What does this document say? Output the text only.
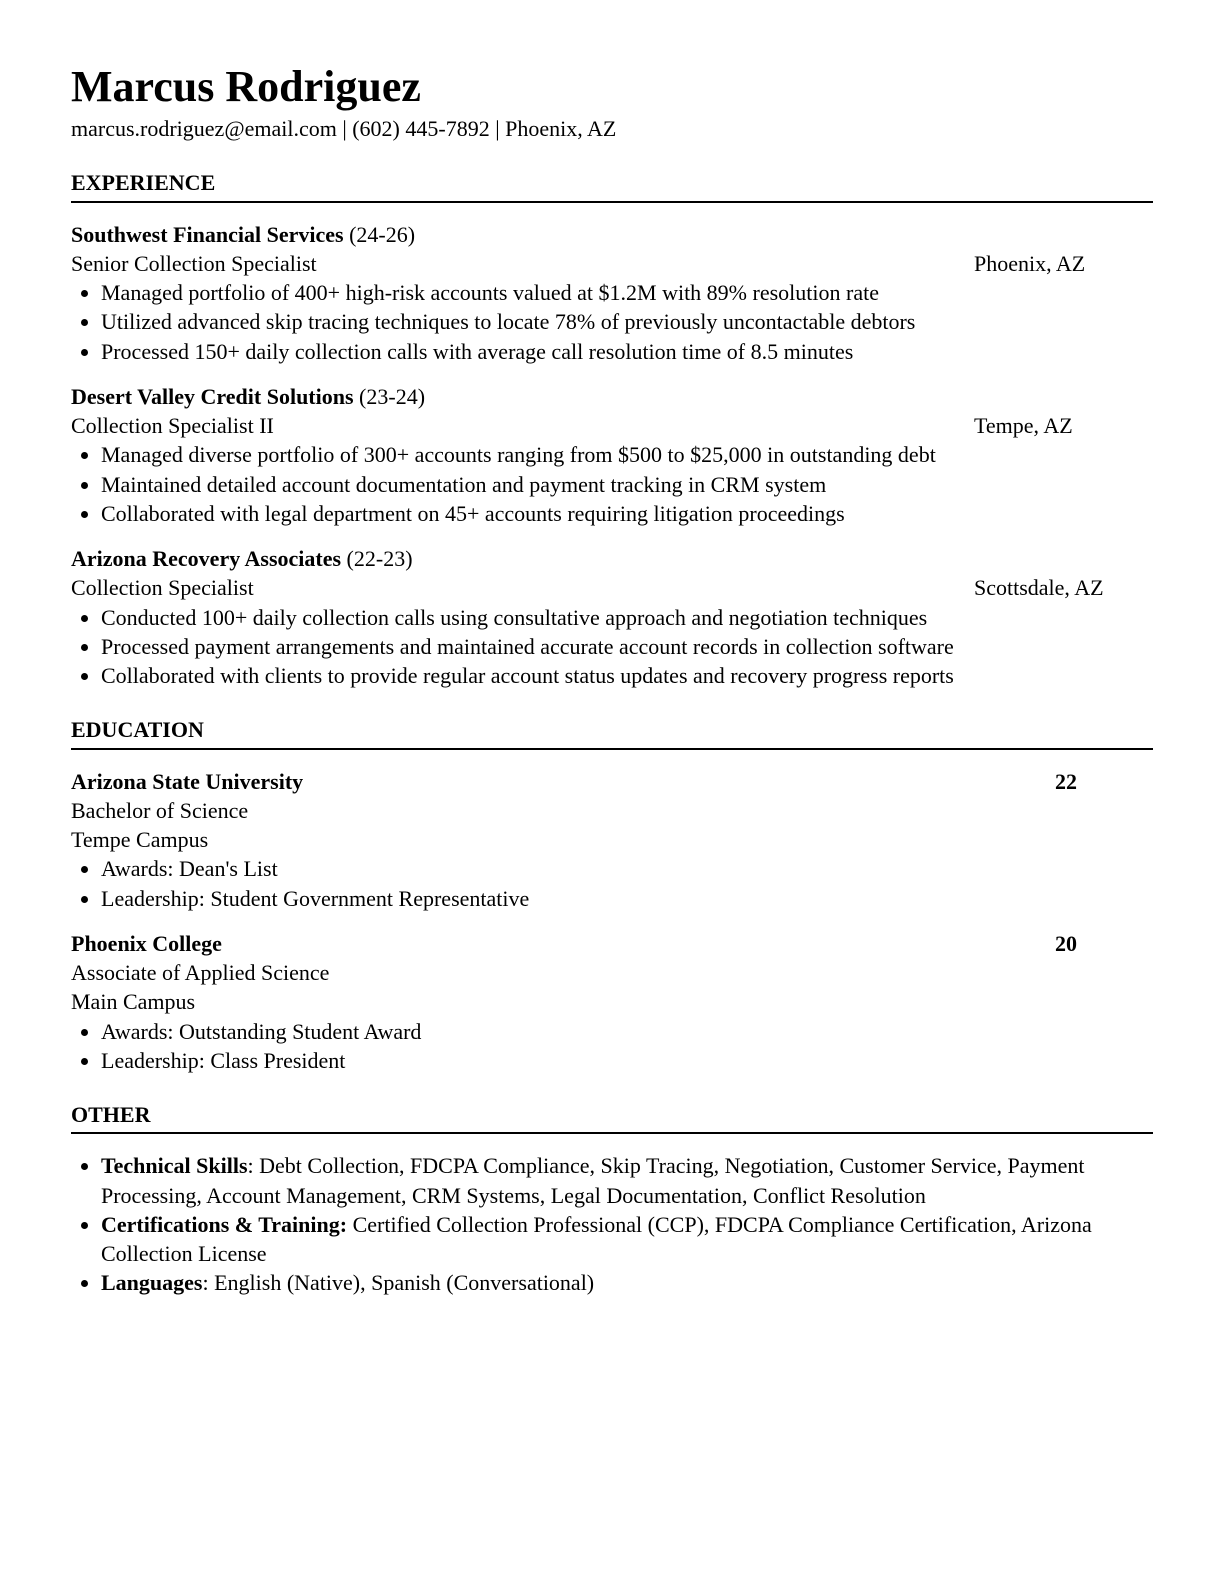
Marcus Rodriguez

marcus.rodriguez@email.com | (602) 445-7892 | Phoenix, AZ

EXPERIENCE
Southwest Financial Services (24-26)
Senior Collection Specialist	Phoenix, AZ
• Managed portfolio of 400+ high-risk accounts valued at $1.2M with 89% resolution rate
• Utilized advanced skip tracing techniques to locate 78% of previously uncontactable debtors
• Processed 150+ daily collection calls with average call resolution time of 8.5 minutes
Desert Valley Credit Solutions (23-24)
Collection Specialist II	Tempe, AZ
• Managed diverse portfolio of 300+ accounts ranging from $500 to $25,000 in outstanding debt
• Maintained detailed account documentation and payment tracking in CRM system
• Collaborated with legal department on 45+ accounts requiring litigation proceedings
Arizona Recovery Associates (22-23)
Collection Specialist	Scottsdale, AZ
• Conducted 100+ daily collection calls using consultative approach and negotiation techniques
• Processed payment arrangements and maintained accurate account records in collection software
• Collaborated with clients to provide regular account status updates and recovery progress reports
EDUCATION
Arizona State University	22
Bachelor of Science
Tempe Campus
• Awards: Dean's List
• Leadership: Student Government Representative
Phoenix College	20
Associate of Applied Science
Main Campus
• Awards: Outstanding Student Award
• Leadership: Class President
OTHER
• Technical Skills: Debt Collection, FDCPA Compliance, Skip Tracing, Negotiation, Customer Service, Payment Processing, Account Management, CRM Systems, Legal Documentation, Conflict Resolution
• Certifications & Training: Certified Collection Professional (CCP), FDCPA Compliance Certification, Arizona Collection License
• Languages: English (Native), Spanish (Conversational)
